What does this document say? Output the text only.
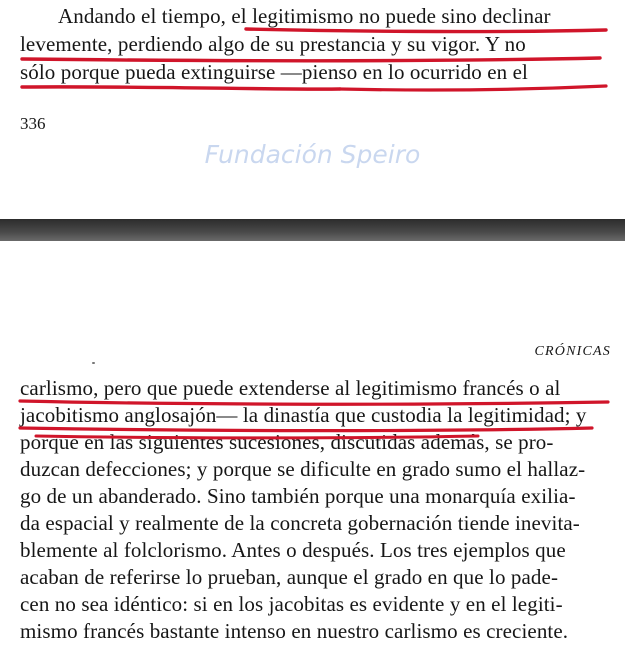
Andando el tiempo, el legitimismo no puede sino declinar
levemente, perdiendo algo de su prestancia y su vigor. Y no
sólo porque pueda extinguirse —pienso en lo ocurrido en el
336
Fundación Speiro
CRÓNICAS
carlismo, pero que puede extenderse al legitimismo francés o al
jacobitismo anglosajón— la dinastía que custodia la legitimidad; y
porque en las siguientes sucesiones, discutidas además, se pro-
duzcan defecciones; y porque se dificulte en grado sumo el hallaz-
go de un abanderado. Sino también porque una monarquía exilia-
da espacial y realmente de la concreta gobernación tiende inevita-
blemente al folclorismo. Antes o después. Los tres ejemplos que
acaban de referirse lo prueban, aunque el grado en que lo pade-
cen no sea idéntico: si en los jacobitas es evidente y en el legiti-
mismo francés bastante intenso en nuestro carlismo es creciente.
